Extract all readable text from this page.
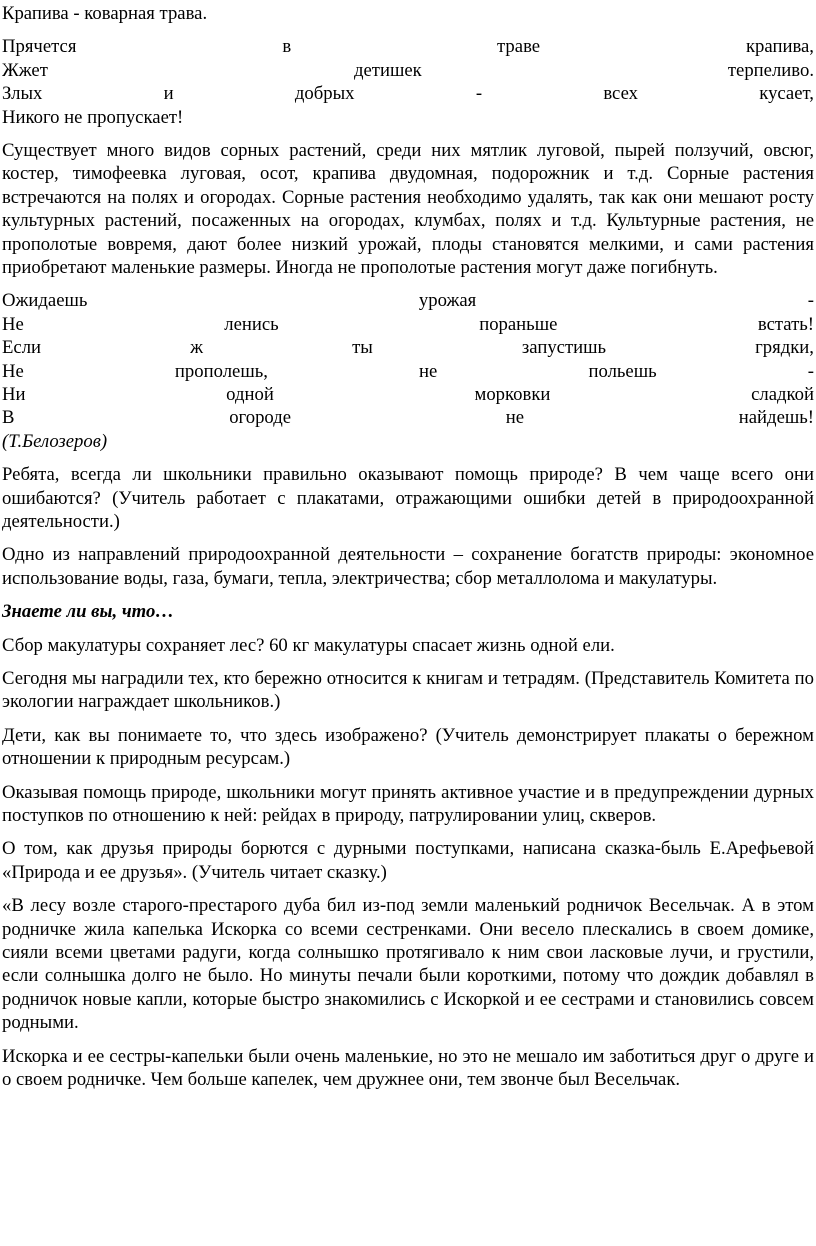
Крапива - коварная трава.

Прячется	в	траве	крапива,
Жжет	детишек	терпеливо.
Злых	и	добрых	-	всех	кусает,
Никого не пропускает!

Существует много видов сорных растений, среди них мятлик луговой, пырей ползучий, овсюг, костер, тимофеевка луговая, осот, крапива двудомная, подорожник и т.д. Сорные растения встречаются на полях и огородах. Сорные растения необходимо удалять, так как они мешают росту культурных растений, посаженных на огородах, клумбах, полях и т.д. Культурные растения, не прополотые вовремя, дают более низкий урожай, плоды становятся мелкими, и сами растения приобретают маленькие размеры. Иногда не прополотые растения могут даже погибнуть.

Ожидаешь	урожая	-
Не	ленись	пораньше	встать!
Если	ж	ты	запустишь	грядки,
Не	прополешь,	не	польешь	-
Ни	одной	морковки	сладкой
В	огороде	не	найдешь!
(Т.Белозеров)

Ребята, всегда ли школьники правильно оказывают помощь природе? В чем чаще всего они ошибаются? (Учитель работает с плакатами, отражающими ошибки детей в природоохранной деятельности.)

Одно из направлений природоохранной деятельности – сохранение богатств природы: экономное использование воды, газа, бумаги, тепла, электричества; сбор металлолома и макулатуры.

Знаете ли вы, что…

Сбор макулатуры сохраняет лес? 60 кг макулатуры спасает жизнь одной ели.

Сегодня мы наградили тех, кто бережно относится к книгам и тетрадям. (Представитель Комитета по экологии награждает школьников.)

Дети, как вы понимаете то, что здесь изображено? (Учитель демонстрирует плакаты о бережном отношении к природным ресурсам.)

Оказывая помощь природе, школьники могут принять активное участие и в предупреждении дурных поступков по отношению к ней: рейдах в природу, патрулировании улиц, скверов.

О том, как друзья природы борются с дурными поступками, написана сказка-быль Е.Арефьевой «Природа и ее друзья». (Учитель читает сказку.)

«В лесу возле старого-престарого дуба бил из-под земли маленький родничок Весельчак. А в этом родничке жила капелька Искорка со всеми сестренками. Они весело плескались в своем домике, сияли всеми цветами радуги, когда солнышко протягивало к ним свои ласковые лучи, и грустили, если солнышка долго не было. Но минуты печали были короткими, потому что дождик добавлял в родничок новые капли, которые быстро знакомились с Искоркой и ее сестрами и становились совсем родными.

Искорка и ее сестры-капельки были очень маленькие, но это не мешало им заботиться друг о друге и о своем родничке. Чем больше капелек, чем дружнее они, тем звонче был Весельчак.
